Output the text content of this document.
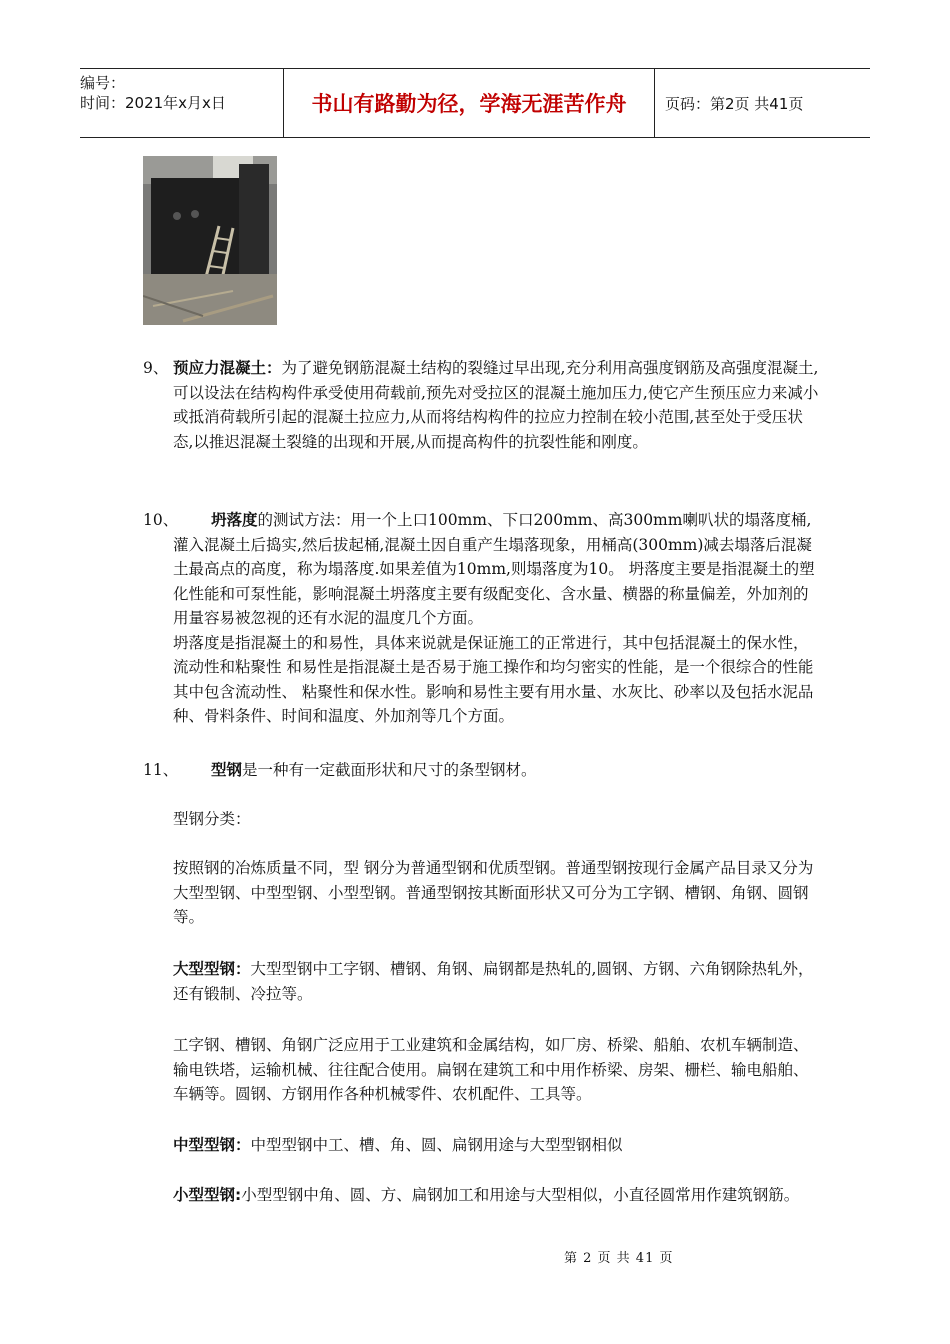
编号：
时间：2021年x月x日	书山有路勤为径，学海无涯苦作舟	页码：第2页 共41页
9、 预应力混凝土：为了避免钢筋混凝土结构的裂缝过早出现,充分利用高强度钢筋及高强度混凝土,可以设法在结构构件承受使用荷载前,预先对受拉区的混凝土施加压力,使它产生预压应力来减小或抵消荷载所引起的混凝土拉应力,从而将结构构件的拉应力控制在较小范围,甚至处于受压状态,以推迟混凝土裂缝的出现和开展,从而提高构件的抗裂性能和刚度。
10、	坍落度的测试方法：用一个上口100mm、下口200mm、高300mm喇叭状的塌落度桶,灌入混凝土后捣实,然后拔起桶,混凝土因自重产生塌落现象，用桶高(300mm)减去塌落后混凝土最高点的高度，称为塌落度.如果差值为10mm,则塌落度为10。 坍落度主要是指混凝土的塑化性能和可泵性能，影响混凝土坍落度主要有级配变化、含水量、横器的称量偏差，外加剂的用量容易被忽视的还有水泥的温度几个方面。
坍落度是指混凝土的和易性，具体来说就是保证施工的正常进行，其中包括混凝土的保水性，流动性和粘聚性 和易性是指混凝土是否易于施工操作和均匀密实的性能，是一个很综合的性能其中包含流动性、 粘聚性和保水性。影响和易性主要有用水量、水灰比、砂率以及包括水泥品种、骨料条件、时间和温度、外加剂等几个方面。
11、	型钢是一种有一定截面形状和尺寸的条型钢材。
型钢分类：
按照钢的冶炼质量不同，型 钢分为普通型钢和优质型钢。普通型钢按现行金属产品目录又分为大型型钢、中型型钢、小型型钢。普通型钢按其断面形状又可分为工字钢、槽钢、角钢、圆钢等。
大型型钢：大型型钢中工字钢、槽钢、角钢、扁钢都是热轧的,圆钢、方钢、六角钢除热轧外，还有锻制、冷拉等。
工字钢、槽钢、角钢广泛应用于工业建筑和金属结构，如厂房、桥梁、船舶、农机车辆制造、输电铁塔，运输机械、往往配合使用。扁钢在建筑工和中用作桥梁、房架、栅栏、输电船舶、车辆等。圆钢、方钢用作各种机械零件、农机配件、工具等。
中型型钢：中型型钢中工、槽、角、圆、扁钢用途与大型型钢相似
小型型钢:小型型钢中角、圆、方、扁钢加工和用途与大型相似，小直径圆常用作建筑钢筋。
第 2 页 共 41 页
